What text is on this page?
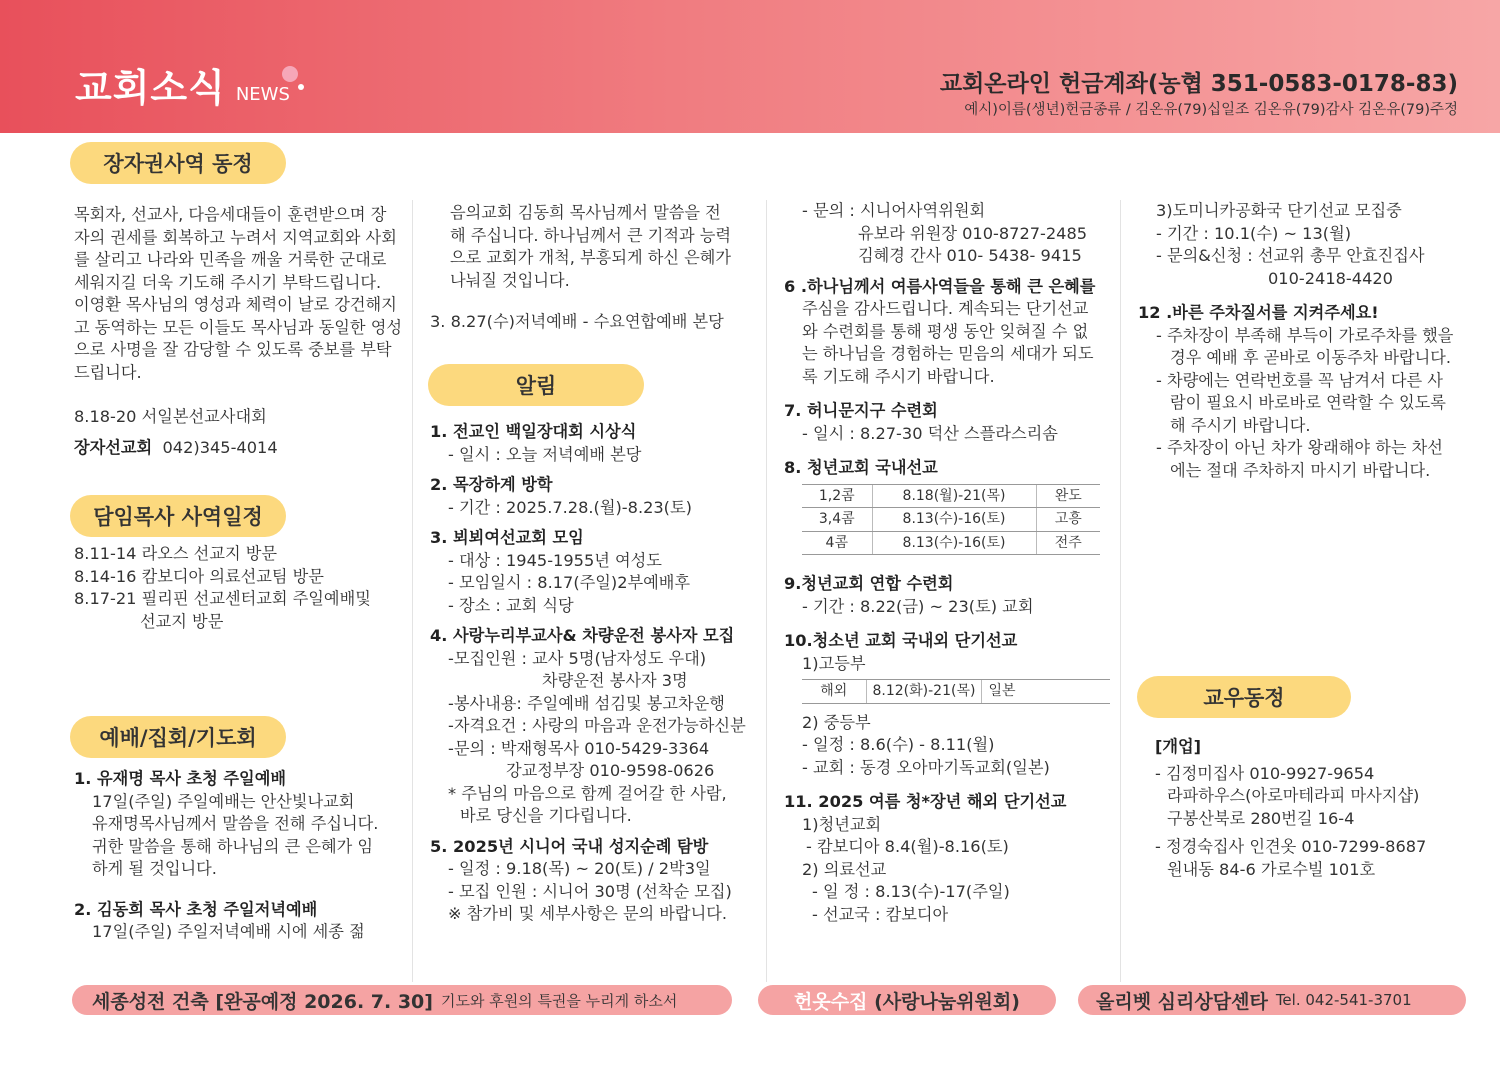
교회소식 NEWS	교회온라인 헌금계좌(농협 351-0583-0178-83)
예시)이름(생년)헌금종류 / 김온유(79)십일조 김온유(79)감사 김온유(79)주정
장자권사역 동정

목회자, 선교사, 다음세대들이 훈련받으며 장

자의 권세를 회복하고 누려서 지역교회와 사회

를 살리고 나라와 민족을 깨울 거룩한 군대로

세워지길 더욱 기도해 주시기 부탁드립니다.

이영환 목사님의 영성과 체력이 날로 강건해지

고 동역하는 모든 이들도 목사님과 동일한 영성

으로 사명을 잘 감당할 수 있도록 중보를 부탁

드립니다.

8.18-20 서일본선교사대회

장자선교회 042)345-4014

담임목사 사역일정

8.11-14 라오스 선교지 방문

8.14-16 캄보디아 의료선교팀 방문

8.17-21 필리핀 선교센터교회 주일예배및

선교지 방문

예배/집회/기도회

1. 유재명 목사 초청 주일예배

17일(주일) 주일예배는 안산빛나교회

유재명목사님께서 말씀을 전해 주십니다.

귀한 말씀을 통해 하나님의 큰 은혜가 임

하게 될 것입니다.

2. 김동희 목사 초청 주일저녁예배

17일(주일) 주일저녁예배 시에 세종 젊

음의교회 김동희 목사님께서 말씀을 전

해 주십니다. 하나님께서 큰 기적과 능력

으로 교회가 개척, 부흥되게 하신 은혜가

나눠질 것입니다.

3. 8.27(수)저녁예배 - 수요연합예배 본당

알림

1. 전교인 백일장대회 시상식

- 일시 : 오늘 저녁예배 본당

2. 목장하계 방학

- 기간 : 2025.7.28.(월)-8.23(토)

3. 뵈뵈여선교회 모임

- 대상 : 1945-1955년 여성도

- 모임일시 : 8.17(주일)2부예배후

- 장소 : 교회 식당

4. 사랑누리부교사& 차량운전 봉사자 모집

-모집인원 : 교사 5명(남자성도 우대)

차량운전 봉사자 3명

-봉사내용: 주일예배 섬김및 봉고차운행

-자격요건 : 사랑의 마음과 운전가능하신분

-문의 : 박재형목사 010-5429-3364

강교정부장 010-9598-0626

* 주님의 마음으로 함께 걸어갈 한 사람,

바로 당신을 기다립니다.

5. 2025년 시니어 국내 성지순례 탐방

- 일정 : 9.18(목) ~ 20(토) / 2박3일

- 모집 인원 : 시니어 30명 (선착순 모집)

※ 참가비 및 세부사항은 문의 바랍니다.

- 문의 : 시니어사역위원회

유보라 위원장 010-8727-2485

김혜경 간사 010- 5438- 9415

6 .하나님께서 여름사역들을 통해 큰 은혜를

주심을 감사드립니다. 계속되는 단기선교

와 수련회를 통해 평생 동안 잊혀질 수 없

는 하나님을 경험하는 믿음의 세대가 되도

록 기도해 주시기 바랍니다.

7. 허니문지구 수련회

- 일시 : 8.27-30 덕산 스플라스리솜

8. 청년교회 국내선교

1,2콤	8.18(월)-21(목)	완도
3,4콤	8.13(수)-16(토)	고흥
4콤	8.13(수)-16(토)	전주

9.청년교회 연합 수련회

- 기간 : 8.22(금) ~ 23(토) 교회

10.청소년 교회 국내외 단기선교

1)고등부

해외	8.12(화)-21(목)	일본

2) 중등부

- 일정 : 8.6(수) - 8.11(월)

- 교회 : 동경 오아마기독교회(일본)

11. 2025 여름 청*장년 해외 단기선교

1)청년교회

- 캄보디아 8.4(월)-8.16(토)

2) 의료선교

- 일 정 : 8.13(수)-17(주일)

- 선교국 : 캄보디아

3)도미니카공화국 단기선교 모집중

- 기간 : 10.1(수) ~ 13(월)

- 문의&신청 : 선교위 총무 안효진집사

010-2418-4420

12 .바른 주차질서를 지켜주세요!

- 주차장이 부족해 부득이 가로주차를 했을

경우 예배 후 곧바로 이동주차 바랍니다.

- 차량에는 연락번호를 꼭 남겨서 다른 사

람이 필요시 바로바로 연락할 수 있도록

해 주시기 바랍니다.

- 주차장이 아닌 차가 왕래해야 하는 차선

에는 절대 주차하지 마시기 바랍니다.

교우동정

[개업]

- 김정미집사 010-9927-9654

라파하우스(아로마테라피 마사지샵)

구봉산북로 280번길 16-4

- 정경숙집사 인견옷 010-7299-8687

원내동 84-6 가로수빌 101호

세종성전 건축 [완공예정 2026. 7. 30] 기도와 후원의 특권을 누리게 하소서	헌옷수집
(사랑나눔위원회)	올리벳 심리상담센타 Tel. 042-541-3701
